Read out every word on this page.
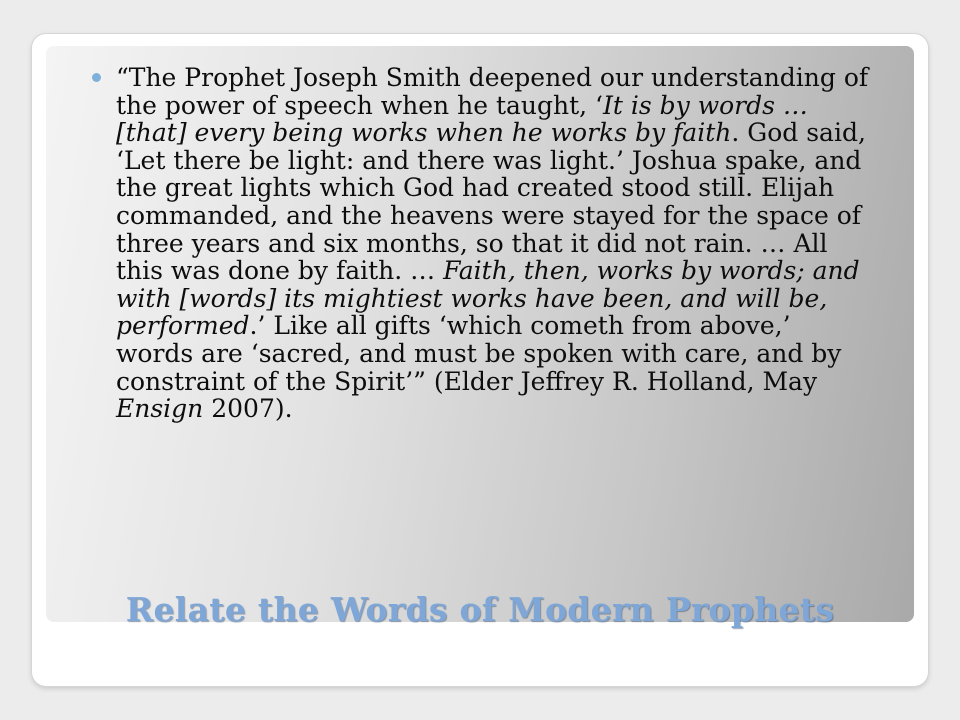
“The Prophet Joseph Smith deepened our understanding of the power of speech when he taught, ‘It is by words … [that] every being works when he works by faith. God said, ‘Let there be light: and there was light.’ Joshua spake, and the great lights which God had created stood still. Elijah commanded, and the heavens were stayed for the space of three years and six months, so that it did not rain. … All this was done by faith. … Faith, then, works by words; and with [words] its mightiest works have been, and will be, performed.’ Like all gifts ‘which cometh from above,’ words are ‘sacred, and must be spoken with care, and by constraint of the Spirit’” (Elder Jeffrey R. Holland, May Ensign 2007).
Relate the Words of Modern Prophets
